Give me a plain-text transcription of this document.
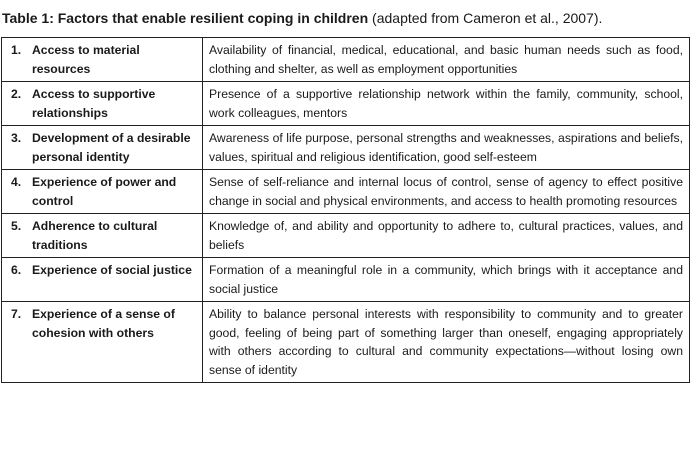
Table 1: Factors that enable resilient coping in children (adapted from Cameron et al., 2007).
1. Access to material resources	Availability of financial, medical, educational, and basic human needs such as food, clothing and shelter, as well as employment opportunities

2. Access to supportive relationships	Presence of a supportive relationship network within the family, community, school, work colleagues, mentors

3. Development of a desirable personal identity	Awareness of life purpose, personal strengths and weaknesses, aspirations and beliefs, values, spiritual and religious identification, good self-esteem

4. Experience of power and control	Sense of self-reliance and internal locus of control, sense of agency to effect positive change in social and physical environments, and access to health promoting resources

5. Adherence to cultural traditions	Knowledge of, and ability and opportunity to adhere to, cultural practices, values, and beliefs

6. Experience of social justice	Formation of a meaningful role in a community, which brings with it acceptance and social justice

7. Experience of a sense of cohesion with others	Ability to balance personal interests with responsibility to community and to greater good, feeling of being part of something larger than oneself, engaging appropriately with others according to cultural and community expectations—without losing own sense of identity
